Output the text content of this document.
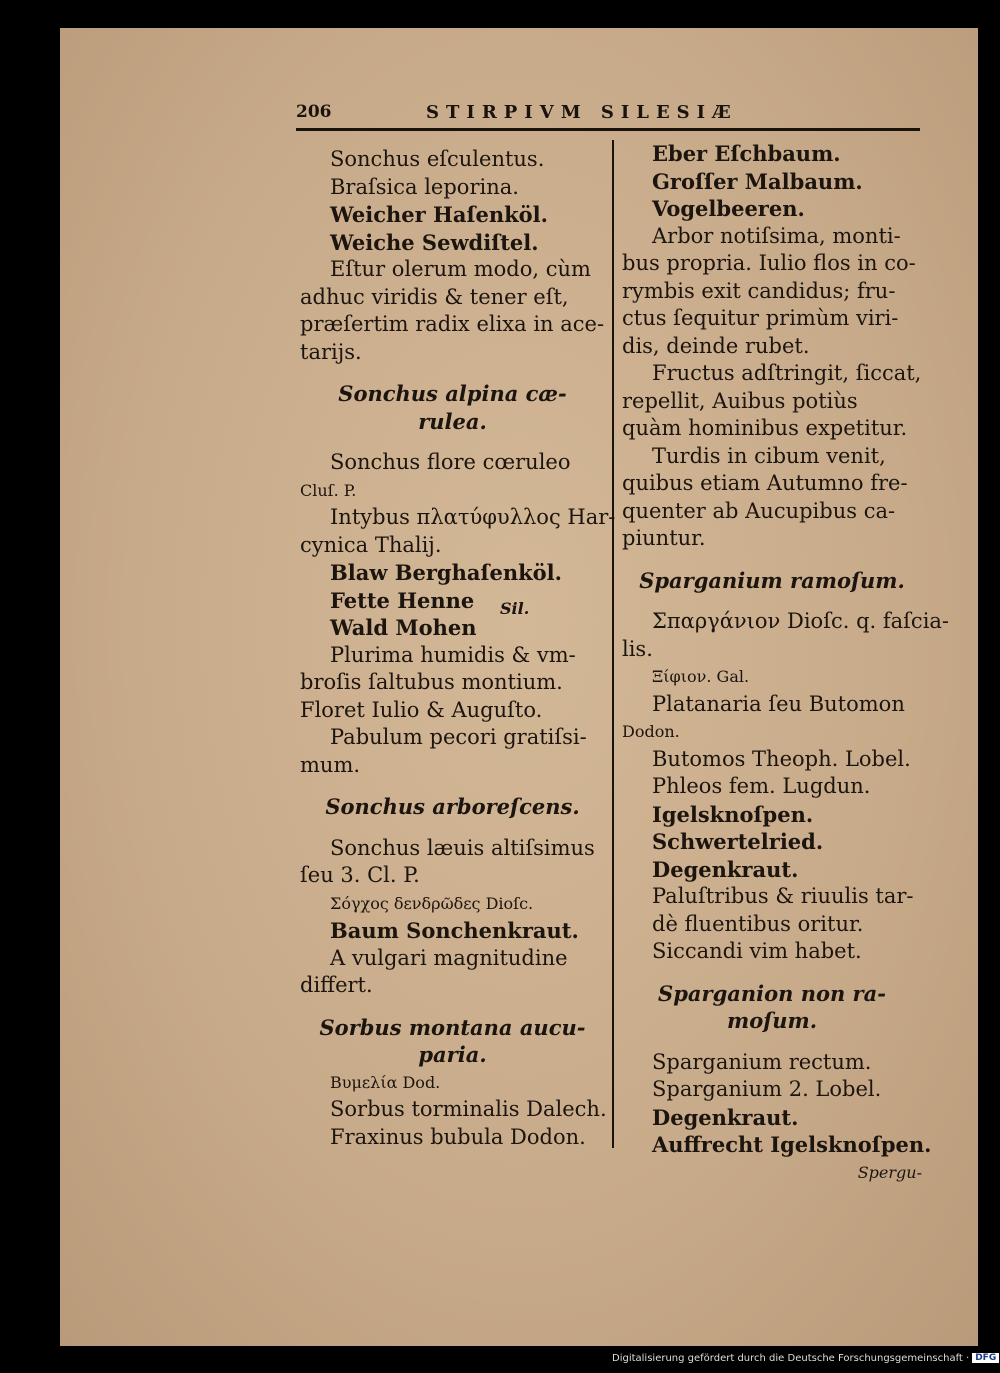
206	STIRPIVM SILESIÆ
Sonchus eſculentus.
Braſsica leporina.
Weicher Haſenköl.
Weiche Sewdiſtel.
Eſtur olerum modo, cùm
adhuc viridis & tener eſt,
præſertim radix elixa in ace-
tarijs.
Sonchus alpina cæ-
rulea.
Sonchus flore cœruleo
Cluſ. P.
Intybus πλατύφυλλος Har-
cynica Thalij.
Blaw Berghaſenköl.
Fette Henne Sil.
Wald Mohen
Plurima humidis & vm-
broſis ſaltubus montium.
Floret Iulio & Auguſto.
Pabulum pecori gratiſsi-
mum.
Sonchus arboreſcens.
Sonchus læuis altiſsimus
ſeu 3. Cl. P.
Σόγχος δενδρῶδες Dioſc.
Baum Sonchenkraut.
A vulgari magnitudine
differt.
Sorbus montana aucu-
paria.
Βυμελία Dod.
Sorbus torminalis Dalech.
Fraxinus bubula Dodon.
Eber Eſchbaum.
Groſſer Malbaum.
Vogelbeeren.
Arbor notiſsima, monti-
bus propria. Iulio flos in co-
rymbis exit candidus; fru-
ctus ſequitur primùm viri-
dis, deinde rubet.
Fructus adſtringit, ſiccat,
repellit, Auibus potiùs
quàm hominibus expetitur.
Turdis in cibum venit,
quibus etiam Autumno fre-
quenter ab Aucupibus ca-
piuntur.
Sparganium ramoſum.
Σπαργάνιον Dioſc. q. faſcia-
lis.
Ξίφιον. Gal.
Platanaria ſeu Butomon
Dodon.
Butomos Theoph. Lobel.
Phleos fem. Lugdun.
Igelsknoſpen.
Schwertelried.
Degenkraut.
Paluſtribus & riuulis tar-
dè fluentibus oritur.
Siccandi vim habet.
Sparganion non ra-
moſum.
Sparganium rectum.
Sparganium 2. Lobel.
Degenkraut.
Auffrecht Igelsknoſpen.
Spergu-
Digitalisierung gefördert durch die Deutsche Forschungsgemeinschaft · DFG
